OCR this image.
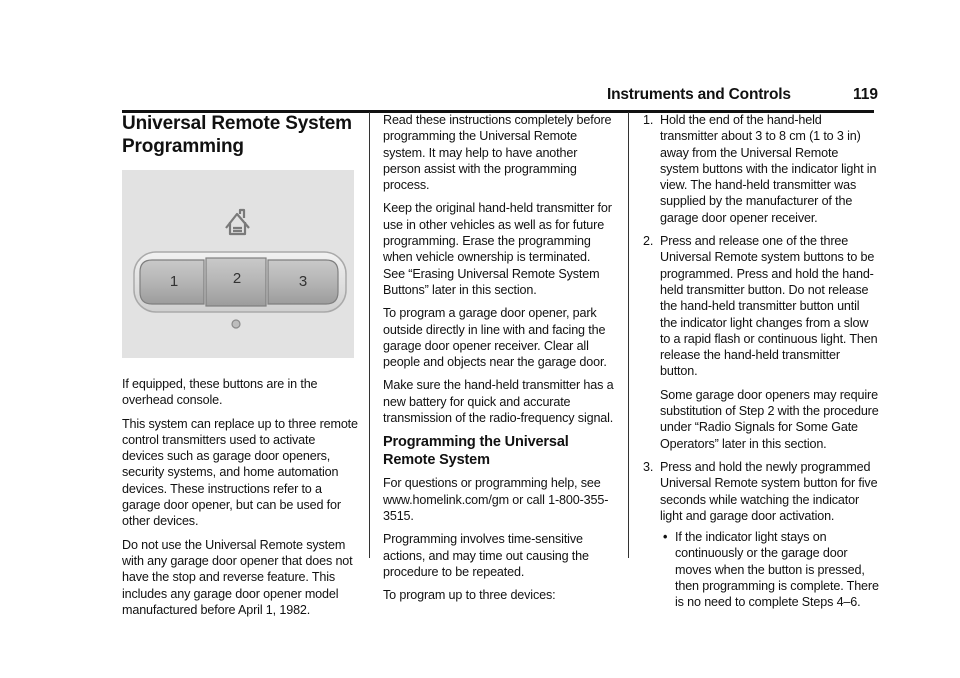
Instruments and Controls	119
Universal Remote System
Programming
1	2	3

If equipped, these buttons are in the overhead console.

This system can replace up to three remote control transmitters used to activate devices such as garage door openers, security systems, and home automation devices. These instructions refer to a garage door opener, but can be used for other devices.

Do not use the Universal Remote system with any garage door opener that does not have the stop and reverse feature. This includes any garage door opener model manufactured before April 1, 1982.

Read these instructions completely before programming the Universal Remote system. It may help to have another person assist with the programming process.

Keep the original hand-held transmitter for use in other vehicles as well as for future programming. Erase the programming when vehicle ownership is terminated. See “Erasing Universal Remote System Buttons” later in this section.

To program a garage door opener, park outside directly in line with and facing the garage door opener receiver. Clear all people and objects near the garage door.

Make sure the hand-held transmitter has a new battery for quick and accurate transmission of the radio-frequency signal.

Programming the Universal Remote System

For questions or programming help, see www.homelink.com/gm or call 1-800-355-3515.

Programming involves time-sensitive actions, and may time out causing the procedure to be repeated.

To program up to three devices:

1. Hold the end of the hand-held transmitter about 3 to 8 cm (1 to 3 in) away from the Universal Remote system buttons with the indicator light in view. The hand-held transmitter was supplied by the manufacturer of the garage door opener receiver.
2. Press and release one of the three Universal Remote system buttons to be programmed. Press and hold the hand-held transmitter button. Do not release the hand-held transmitter button until the indicator light changes from a slow to a rapid flash or continuous light. Then release the hand-held transmitter button.
Some garage door openers may require substitution of Step 2 with the procedure under “Radio Signals for Some Gate Operators” later in this section.
3. Press and hold the newly programmed Universal Remote system button for five seconds while watching the indicator light and garage door activation.
• If the indicator light stays on continuously or the garage door moves when the button is pressed, then programming is complete. There is no need to complete Steps 4–6.
